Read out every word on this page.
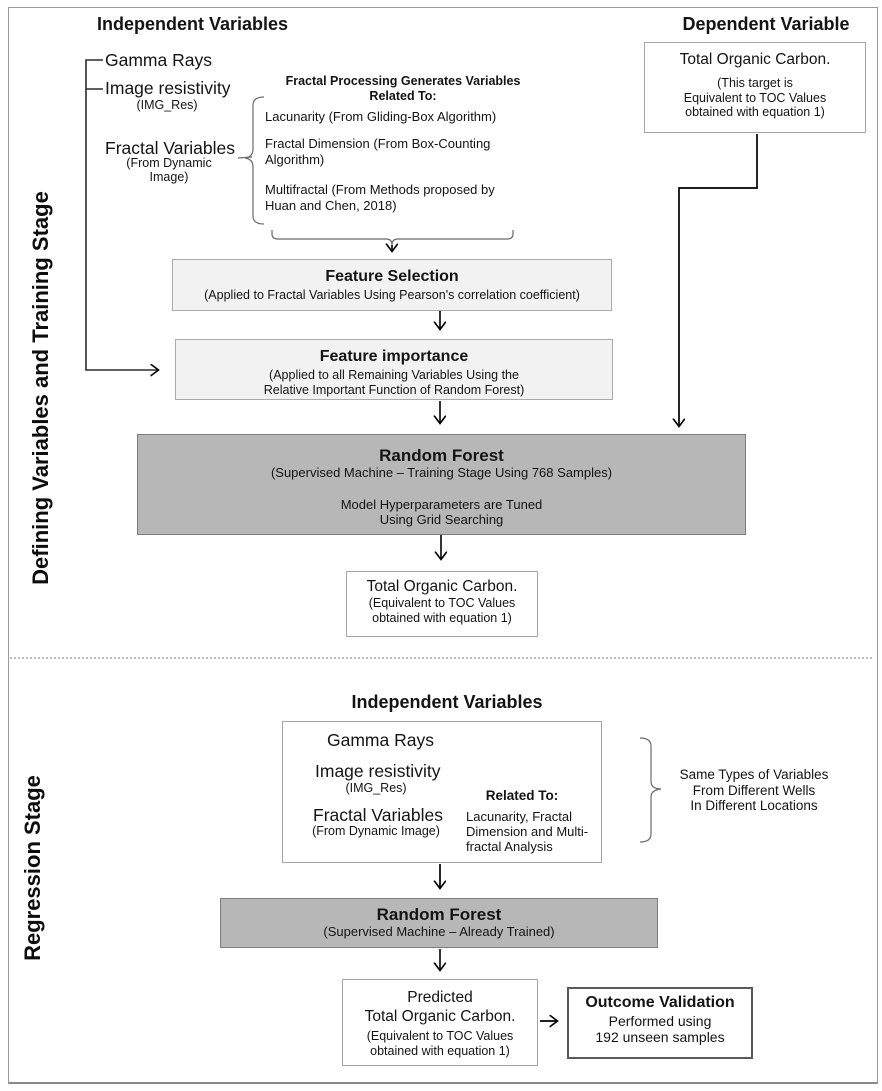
Defining Variables and Training Stage
Independent Variables	Dependent Variable
Gamma Rays
Image resistivity
(IMG_Res)
Fractal Variables
(From Dynamic
Image)
Fractal Processing Generates Variables
Related To:
Lacunarity (From Gliding-Box Algorithm)
Fractal Dimension (From Box-Counting
Algorithm)
Multifractal (From Methods proposed by
Huan and Chen, 2018)
Total Organic Carbon.
(This target is
Equivalent to TOC Values
obtained with equation 1)
Feature Selection
(Applied to Fractal Variables Using Pearson's correlation coefficient)
Feature importance
(Applied to all Remaining Variables Using the
Relative Important Function of Random Forest)
Random Forest
(Supervised Machine – Training Stage Using 768 Samples)
Model Hyperparameters are Tuned
Using Grid Searching
Total Organic Carbon.
(Equivalent to TOC Values
obtained with equation 1)
Regression Stage
Independent Variables
Gamma Rays
Image resistivity
(IMG_Res)
Fractal Variables
(From Dynamic Image)
Related To:
Lacunarity, Fractal
Dimension and Multi-
fractal Analysis
Same Types of Variables
From Different Wells
In Different Locations
Random Forest
(Supervised Machine – Already Trained)
Predicted
Total Organic Carbon.
(Equivalent to TOC Values
obtained with equation 1)
Outcome Validation
Performed using
192 unseen samples
